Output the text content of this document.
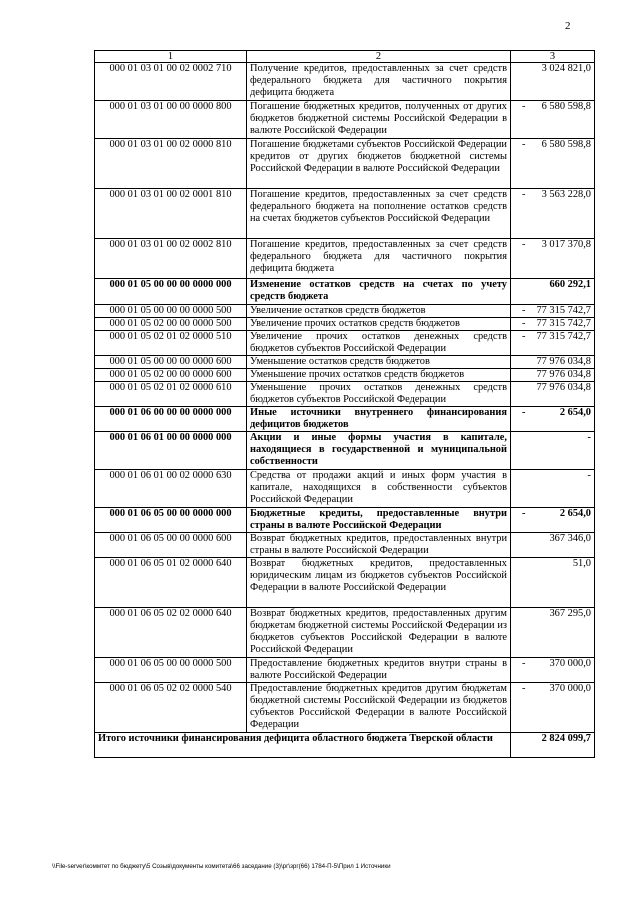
2
1	2	3
000 01 03 01 00 02 0002 710	Получение кредитов, предоставленных за счет средств федерального бюджета для частичного покрытия дефицита бюджета	3 024 821,0

000 01 03 01 00 00 0000 800	Погашение бюджетных кредитов, полученных от других бюджетов бюджетной системы Российской Федерации в валюте Российской Федерации	- 6 580 598,8

000 01 03 01 00 02 0000 810	Погашение бюджетами субъектов Российской Федерации кредитов от других бюджетов бюджетной системы Российской Федерации в валюте Российской Федерации	- 6 580 598,8

000 01 03 01 00 02 0001 810	Погашение кредитов, предоставленных за счет средств федерального бюджета на пополнение остатков средств на счетах бюджетов субъектов Российской Федерации	- 3 563 228,0

000 01 03 01 00 02 0002 810	Погашение кредитов, предоставленных за счет средств федерального бюджета для частичного покрытия дефицита бюджета	- 3 017 370,8

000 01 05 00 00 00 0000 000	Изменение остатков средств на счетах по учету средств бюджета	660 292,1

000 01 05 00 00 00 0000 500	Увеличение остатков средств бюджетов	- 77 315 742,7

000 01 05 02 00 00 0000 500	Увеличение прочих остатков средств бюджетов	- 77 315 742,7

000 01 05 02 01 02 0000 510	Увеличение прочих остатков денежных средств бюджетов субъектов Российской Федерации	- 77 315 742,7

000 01 05 00 00 00 0000 600	Уменьшение остатков средств бюджетов	77 976 034,8

000 01 05 02 00 00 0000 600	Уменьшение прочих остатков средств бюджетов	77 976 034,8

000 01 05 02 01 02 0000 610	Уменьшение прочих остатков денежных средств бюджетов субъектов Российской Федерации	77 976 034,8

000 01 06 00 00 00 0000 000	Иные источники внутреннего финансирования дефицитов бюджетов	- 2 654,0

000 01 06 01 00 00 0000 000	Акции и иные формы участия в капитале, находящиеся в государственной и муниципальной собственности	-

000 01 06 01 00 02 0000 630	Средства от продажи акций и иных форм участия в капитале, находящихся в собственности субъектов Российской Федерации	-

000 01 06 05 00 00 0000 000	Бюджетные кредиты, предоставленные внутри страны в валюте Российской Федерации	- 2 654,0

000 01 06 05 00 00 0000 600	Возврат бюджетных кредитов, предоставленных внутри страны в валюте Российской Федерации	367 346,0

000 01 06 05 01 02 0000 640	Возврат бюджетных кредитов, предоставленных юридическим лицам из бюджетов субъектов Российской Федерации в валюте Российской Федерации	51,0

000 01 06 05 02 02 0000 640	Возврат бюджетных кредитов, предоставленных другим бюджетам бюджетной системы Российской Федерации из бюджетов субъектов Российской Федерации в валюте Российской Федерации	367 295,0

000 01 06 05 00 00 0000 500	Предоставление бюджетных кредитов внутри страны в валюте Российской Федерации	- 370 000,0

000 01 06 05 02 02 0000 540	Предоставление бюджетных кредитов другим бюджетам бюджетной системы Российской Федерации из бюджетов субъектов Российской Федерации в валюте Российской Федерации	- 370 000,0

Итого источники финансирования дефицита областного бюджета Тверской области		2 824 099,7
\\File-server\коммтет по бюджету\5 Созыв\документы комитета\66 заседание (3)\рг\зрг(66) 1784-П-5\Прил 1 Источники
